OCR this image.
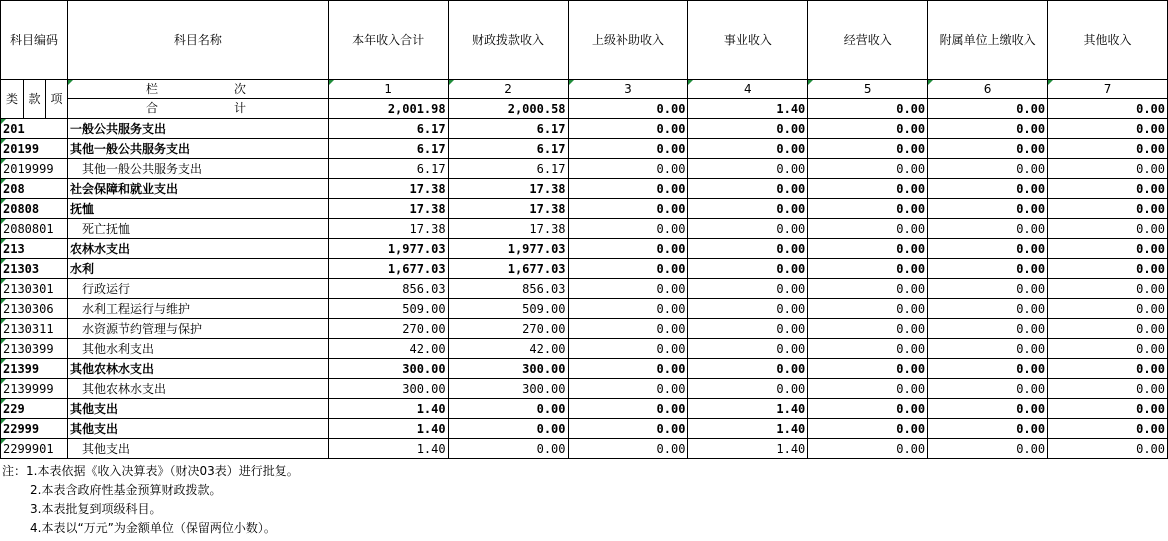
科目编码			科目名称	本年收入合计	财政拨款收入	上级补助收入	事业收入	经营收入	附属单位上缴收入	其他收入
类	款	项	栏 次	1	2	3	4	5	6	7

			合 计	2,001.98	2,000.58	0.00	1.40	0.00	0.00	0.00
201			一般公共服务支出	6.17	6.17	0.00	0.00	0.00	0.00	0.00
20199			其他一般公共服务支出	6.17	6.17	0.00	0.00	0.00	0.00	0.00
2019999			其他一般公共服务支出	6.17	6.17	0.00	0.00	0.00	0.00	0.00
208			社会保障和就业支出	17.38	17.38	0.00	0.00	0.00	0.00	0.00
20808			抚恤	17.38	17.38	0.00	0.00	0.00	0.00	0.00
2080801			死亡抚恤	17.38	17.38	0.00	0.00	0.00	0.00	0.00
213			农林水支出	1,977.03	1,977.03	0.00	0.00	0.00	0.00	0.00
21303			水利	1,677.03	1,677.03	0.00	0.00	0.00	0.00	0.00
2130301			行政运行	856.03	856.03	0.00	0.00	0.00	0.00	0.00
2130306			水利工程运行与维护	509.00	509.00	0.00	0.00	0.00	0.00	0.00
2130311			水资源节约管理与保护	270.00	270.00	0.00	0.00	0.00	0.00	0.00
2130399			其他水利支出	42.00	42.00	0.00	0.00	0.00	0.00	0.00
21399			其他农林水支出	300.00	300.00	0.00	0.00	0.00	0.00	0.00
2139999			其他农林水支出	300.00	300.00	0.00	0.00	0.00	0.00	0.00
229			其他支出	1.40	0.00	0.00	1.40	0.00	0.00	0.00
22999			其他支出	1.40	0.00	0.00	1.40	0.00	0.00	0.00
2299901			其他支出	1.40	0.00	0.00	1.40	0.00	0.00	0.00
注：1.本表依据《收入决算表》（财决03表）进行批复。
2.本表含政府性基金预算财政拨款。
3.本表批复到项级科目。
4.本表以“万元”为金额单位（保留两位小数）。
